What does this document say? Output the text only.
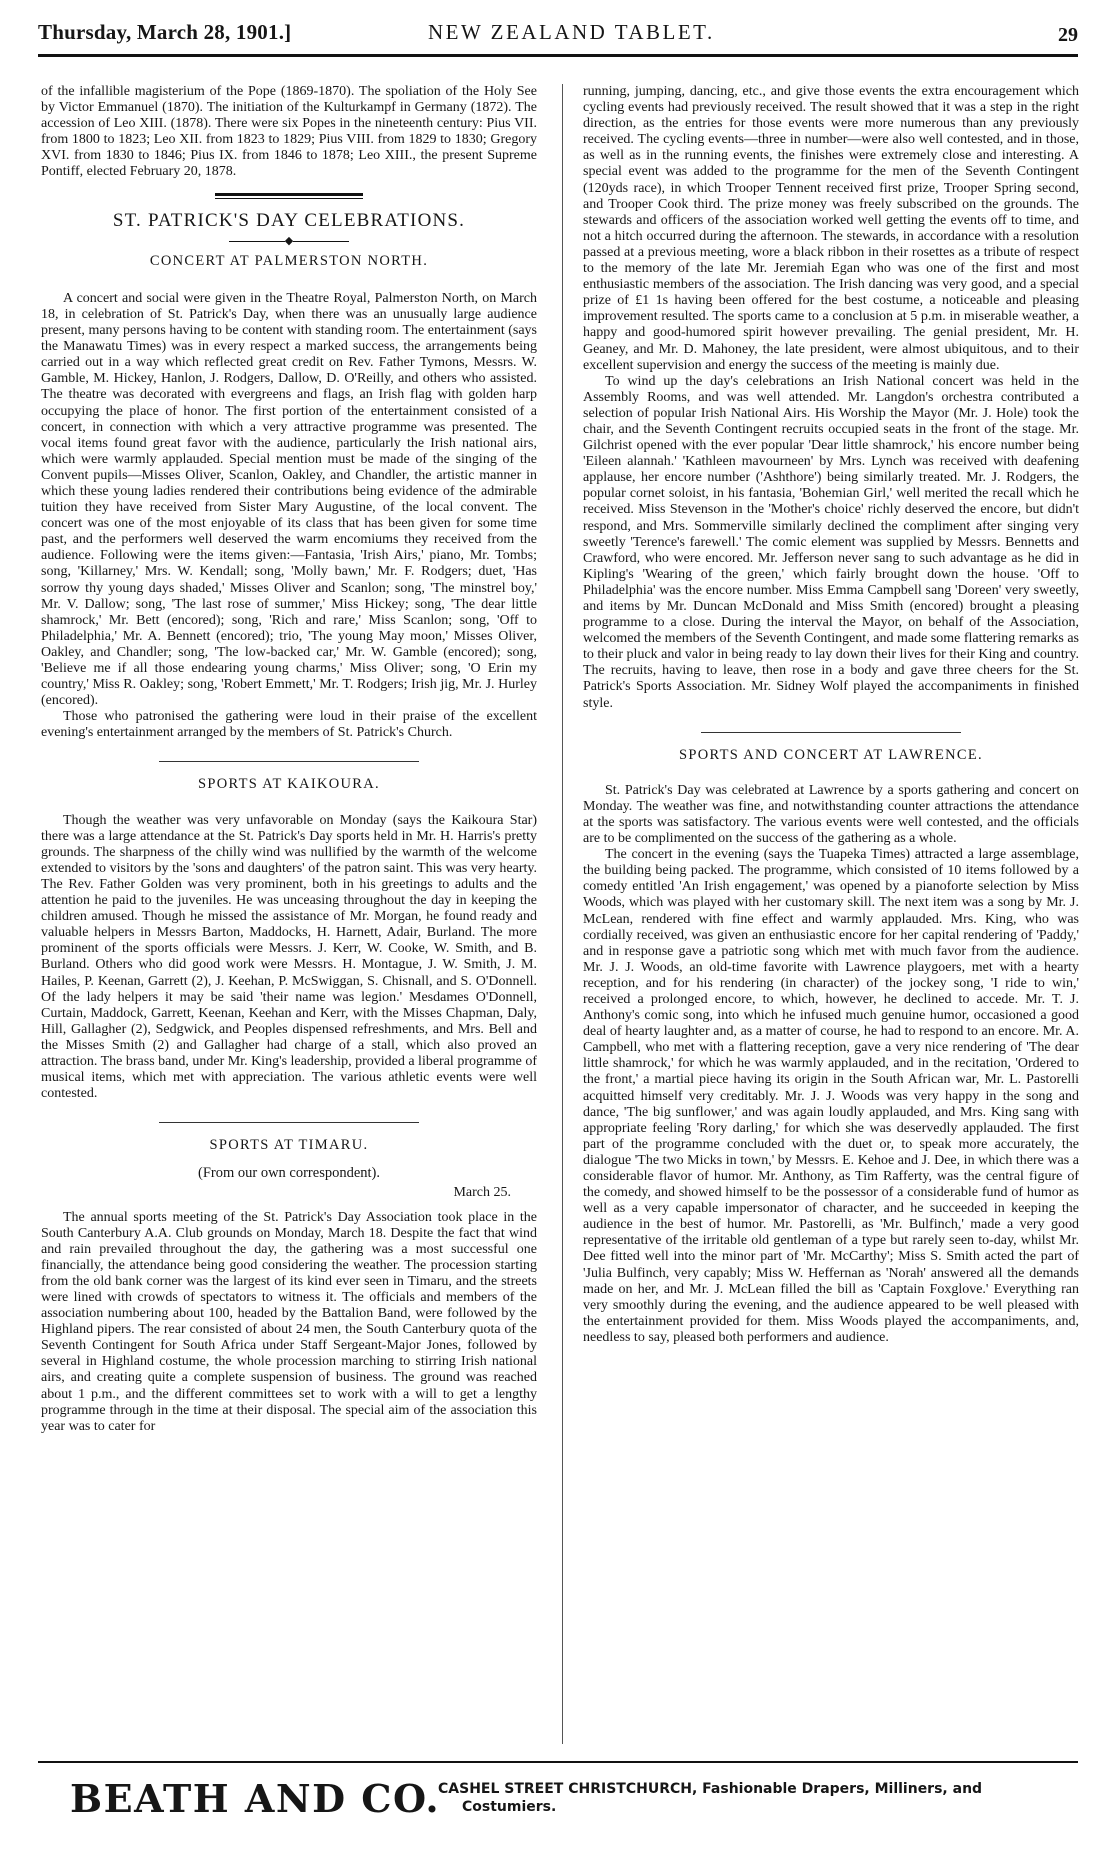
Thursday, March 28, 1901.]	NEW ZEALAND TABLET.	29

of the infallible magisterium of the Pope (1869-1870). The spoliation of the Holy See by Victor Emmanuel (1870). The initiation of the Kulturkampf in Germany (1872). The accession of Leo XIII. (1878). There were six Popes in the nineteenth century: Pius VII. from 1800 to 1823; Leo XII. from 1823 to 1829; Pius VIII. from 1829 to 1830; Gregory XVI. from 1830 to 1846; Pius IX. from 1846 to 1878; Leo XIII., the present Supreme Pontiff, elected February 20, 1878.

ST. PATRICK'S DAY CELEBRATIONS.
◆
CONCERT AT PALMERSTON NORTH.

A concert and social were given in the Theatre Royal, Palmerston North, on March 18, in celebration of St. Patrick's Day, when there was an unusually large audience present, many persons having to be content with standing room. The entertainment (says the Manawatu Times) was in every respect a marked success, the arrangements being carried out in a way which reflected great credit on Rev. Father Tymons, Messrs. W. Gamble, M. Hickey, Hanlon, J. Rodgers, Dallow, D. O'Reilly, and others who assisted. The theatre was decorated with evergreens and flags, an Irish flag with golden harp occupying the place of honor. The first portion of the entertainment consisted of a concert, in connection with which a very attractive programme was presented. The vocal items found great favor with the audience, particularly the Irish national airs, which were warmly applauded. Special mention must be made of the singing of the Convent pupils—Misses Oliver, Scanlon, Oakley, and Chandler, the artistic manner in which these young ladies rendered their contributions being evidence of the admirable tuition they have received from Sister Mary Augustine, of the local convent. The concert was one of the most enjoyable of its class that has been given for some time past, and the performers well deserved the warm encomiums they received from the audience. Following were the items given:—Fantasia, 'Irish Airs,' piano, Mr. Tombs; song, 'Killarney,' Mrs. W. Kendall; song, 'Molly bawn,' Mr. F. Rodgers; duet, 'Has sorrow thy young days shaded,' Misses Oliver and Scanlon; song, 'The minstrel boy,' Mr. V. Dallow; song, 'The last rose of summer,' Miss Hickey; song, 'The dear little shamrock,' Mr. Bett (encored); song, 'Rich and rare,' Miss Scanlon; song, 'Off to Philadelphia,' Mr. A. Bennett (encored); trio, 'The young May moon,' Misses Oliver, Oakley, and Chandler; song, 'The low-backed car,' Mr. W. Gamble (encored); song, 'Believe me if all those endearing young charms,' Miss Oliver; song, 'O Erin my country,' Miss R. Oakley; song, 'Robert Emmett,' Mr. T. Rodgers; Irish jig, Mr. J. Hurley (encored).

Those who patronised the gathering were loud in their praise of the excellent evening's entertainment arranged by the members of St. Patrick's Church.

SPORTS AT KAIKOURA.

Though the weather was very unfavorable on Monday (says the Kaikoura Star) there was a large attendance at the St. Patrick's Day sports held in Mr. H. Harris's pretty grounds. The sharpness of the chilly wind was nullified by the warmth of the welcome extended to visitors by the 'sons and daughters' of the patron saint. This was very hearty. The Rev. Father Golden was very prominent, both in his greetings to adults and the attention he paid to the juveniles. He was unceasing throughout the day in keeping the children amused. Though he missed the assistance of Mr. Morgan, he found ready and valuable helpers in Messrs Barton, Maddocks, H. Harnett, Adair, Burland. The more prominent of the sports officials were Messrs. J. Kerr, W. Cooke, W. Smith, and B. Burland. Others who did good work were Messrs. H. Montague, J. W. Smith, J. M. Hailes, P. Keenan, Garrett (2), J. Keehan, P. McSwiggan, S. Chisnall, and S. O'Donnell. Of the lady helpers it may be said 'their name was legion.' Mesdames O'Donnell, Curtain, Maddock, Garrett, Keenan, Keehan and Kerr, with the Misses Chapman, Daly, Hill, Gallagher (2), Sedgwick, and Peoples dispensed refreshments, and Mrs. Bell and the Misses Smith (2) and Gallagher had charge of a stall, which also proved an attraction. The brass band, under Mr. King's leadership, provided a liberal programme of musical items, which met with appreciation. The various athletic events were well contested.

SPORTS AT TIMARU.
(From our own correspondent).
March 25.

The annual sports meeting of the St. Patrick's Day Association took place in the South Canterbury A.A. Club grounds on Monday, March 18. Despite the fact that wind and rain prevailed throughout the day, the gathering was a most successful one financially, the attendance being good considering the weather. The procession starting from the old bank corner was the largest of its kind ever seen in Timaru, and the streets were lined with crowds of spectators to witness it. The officials and members of the association numbering about 100, headed by the Battalion Band, were followed by the Highland pipers. The rear consisted of about 24 men, the South Canterbury quota of the Seventh Contingent for South Africa under Staff Sergeant-Major Jones, followed by several in Highland costume, the whole procession marching to stirring Irish national airs, and creating quite a complete suspension of business. The ground was reached about 1 p.m., and the different committees set to work with a will to get a lengthy programme through in the time at their disposal. The special aim of the association this year was to cater for

running, jumping, dancing, etc., and give those events the extra encouragement which cycling events had previously received. The result showed that it was a step in the right direction, as the entries for those events were more numerous than any previously received. The cycling events—three in number—were also well contested, and in those, as well as in the running events, the finishes were extremely close and interesting. A special event was added to the programme for the men of the Seventh Contingent (120yds race), in which Trooper Tennent received first prize, Trooper Spring second, and Trooper Cook third. The prize money was freely subscribed on the grounds. The stewards and officers of the association worked well getting the events off to time, and not a hitch occurred during the afternoon. The stewards, in accordance with a resolution passed at a previous meeting, wore a black ribbon in their rosettes as a tribute of respect to the memory of the late Mr. Jeremiah Egan who was one of the first and most enthusiastic members of the association. The Irish dancing was very good, and a special prize of £1 1s having been offered for the best costume, a noticeable and pleasing improvement resulted. The sports came to a conclusion at 5 p.m. in miserable weather, a happy and good-humored spirit however prevailing. The genial president, Mr. H. Geaney, and Mr. D. Mahoney, the late president, were almost ubiquitous, and to their excellent supervision and energy the success of the meeting is mainly due.

To wind up the day's celebrations an Irish National concert was held in the Assembly Rooms, and was well attended. Mr. Langdon's orchestra contributed a selection of popular Irish National Airs. His Worship the Mayor (Mr. J. Hole) took the chair, and the Seventh Contingent recruits occupied seats in the front of the stage. Mr. Gilchrist opened with the ever popular 'Dear little shamrock,' his encore number being 'Eileen alannah.' 'Kathleen mavourneen' by Mrs. Lynch was received with deafening applause, her encore number ('Ashthore') being similarly treated. Mr. J. Rodgers, the popular cornet soloist, in his fantasia, 'Bohemian Girl,' well merited the recall which he received. Miss Stevenson in the 'Mother's choice' richly deserved the encore, but didn't respond, and Mrs. Sommerville similarly declined the compliment after singing very sweetly 'Terence's farewell.' The comic element was supplied by Messrs. Bennetts and Crawford, who were encored. Mr. Jefferson never sang to such advantage as he did in Kipling's 'Wearing of the green,' which fairly brought down the house. 'Off to Philadelphia' was the encore number. Miss Emma Campbell sang 'Doreen' very sweetly, and items by Mr. Duncan McDonald and Miss Smith (encored) brought a pleasing programme to a close. During the interval the Mayor, on behalf of the Association, welcomed the members of the Seventh Contingent, and made some flattering remarks as to their pluck and valor in being ready to lay down their lives for their King and country. The recruits, having to leave, then rose in a body and gave three cheers for the St. Patrick's Sports Association. Mr. Sidney Wolf played the accompaniments in finished style.

SPORTS AND CONCERT AT LAWRENCE.

St. Patrick's Day was celebrated at Lawrence by a sports gathering and concert on Monday. The weather was fine, and notwithstanding counter attractions the attendance at the sports was satisfactory. The various events were well contested, and the officials are to be complimented on the success of the gathering as a whole.

The concert in the evening (says the Tuapeka Times) attracted a large assemblage, the building being packed. The programme, which consisted of 10 items followed by a comedy entitled 'An Irish engagement,' was opened by a pianoforte selection by Miss Woods, which was played with her customary skill. The next item was a song by Mr. J. McLean, rendered with fine effect and warmly applauded. Mrs. King, who was cordially received, was given an enthusiastic encore for her capital rendering of 'Paddy,' and in response gave a patriotic song which met with much favor from the audience. Mr. J. J. Woods, an old-time favorite with Lawrence playgoers, met with a hearty reception, and for his rendering (in character) of the jockey song, 'I ride to win,' received a prolonged encore, to which, however, he declined to accede. Mr. T. J. Anthony's comic song, into which he infused much genuine humor, occasioned a good deal of hearty laughter and, as a matter of course, he had to respond to an encore. Mr. A. Campbell, who met with a flattering reception, gave a very nice rendering of 'The dear little shamrock,' for which he was warmly applauded, and in the recitation, 'Ordered to the front,' a martial piece having its origin in the South African war, Mr. L. Pastorelli acquitted himself very creditably. Mr. J. J. Woods was very happy in the song and dance, 'The big sunflower,' and was again loudly applauded, and Mrs. King sang with appropriate feeling 'Rory darling,' for which she was deservedly applauded. The first part of the programme concluded with the duet or, to speak more accurately, the dialogue 'The two Micks in town,' by Messrs. E. Kehoe and J. Dee, in which there was a considerable flavor of humor. Mr. Anthony, as Tim Rafferty, was the central figure of the comedy, and showed himself to be the possessor of a considerable fund of humor as well as a very capable impersonator of character, and he succeeded in keeping the audience in the best of humor. Mr. Pastorelli, as 'Mr. Bulfinch,' made a very good representative of the irritable old gentleman of a type but rarely seen to-day, whilst Mr. Dee fitted well into the minor part of 'Mr. McCarthy'; Miss S. Smith acted the part of 'Julia Bulfinch, very capably; Miss W. Heffernan as 'Norah' answered all the demands made on her, and Mr. J. McLean filled the bill as 'Captain Foxglove.' Everything ran very smoothly during the evening, and the audience appeared to be well pleased with the entertainment provided for them. Miss Woods played the accompaniments, and, needless to say, pleased both performers and audience.

BEATH AND CO.
CASHEL STREET CHRISTCHURCH, Fashionable Drapers, Milliners, and
Costumiers.
